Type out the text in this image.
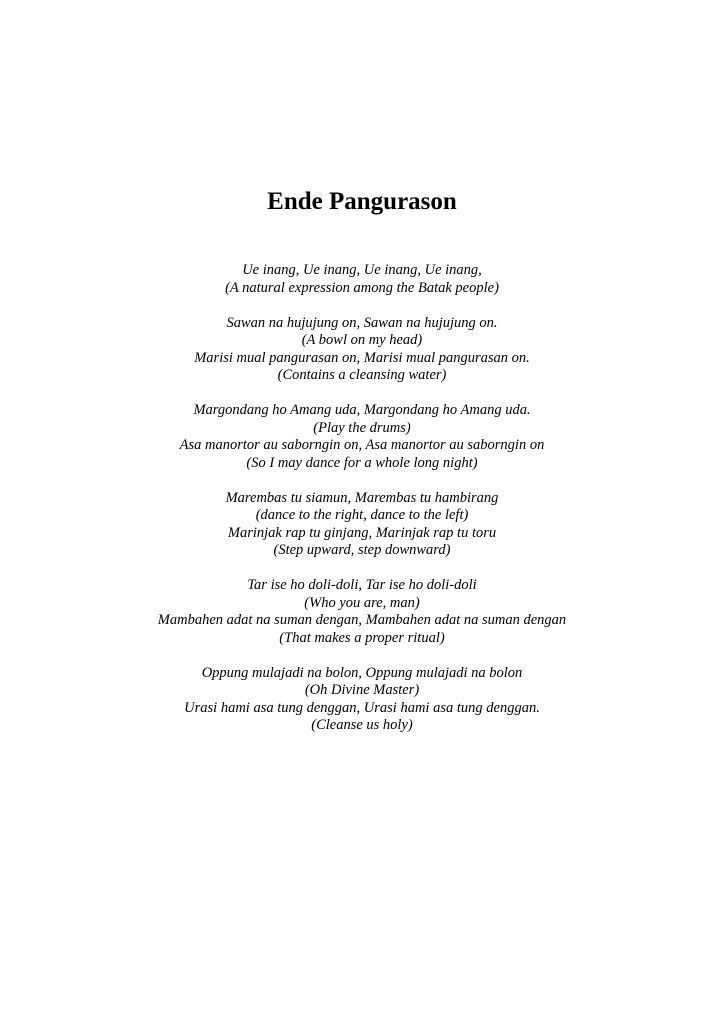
Ende Pangurason
Ue inang, Ue inang, Ue inang, Ue inang,
(A natural expression among the Batak people)
Sawan na hujujung on, Sawan na hujujung on.
(A bowl on my head)
Marisi mual pangurasan on, Marisi mual pangurasan on.
(Contains a cleansing water)
Margondang ho Amang uda, Margondang ho Amang uda.
(Play the drums)
Asa manortor au saborngin on, Asa manortor au saborngin on
(So I may dance for a whole long night)
Marembas tu siamun, Marembas tu hambirang
(dance to the right, dance to the left)
Marinjak rap tu ginjang, Marinjak rap tu toru
(Step upward, step downward)
Tar ise ho doli-doli, Tar ise ho doli-doli
(Who you are, man)
Mambahen adat na suman dengan, Mambahen adat na suman dengan
(That makes a proper ritual)
Oppung mulajadi na bolon, Oppung mulajadi na bolon
(Oh Divine Master)
Urasi hami asa tung denggan, Urasi hami asa tung denggan.
(Cleanse us holy)
